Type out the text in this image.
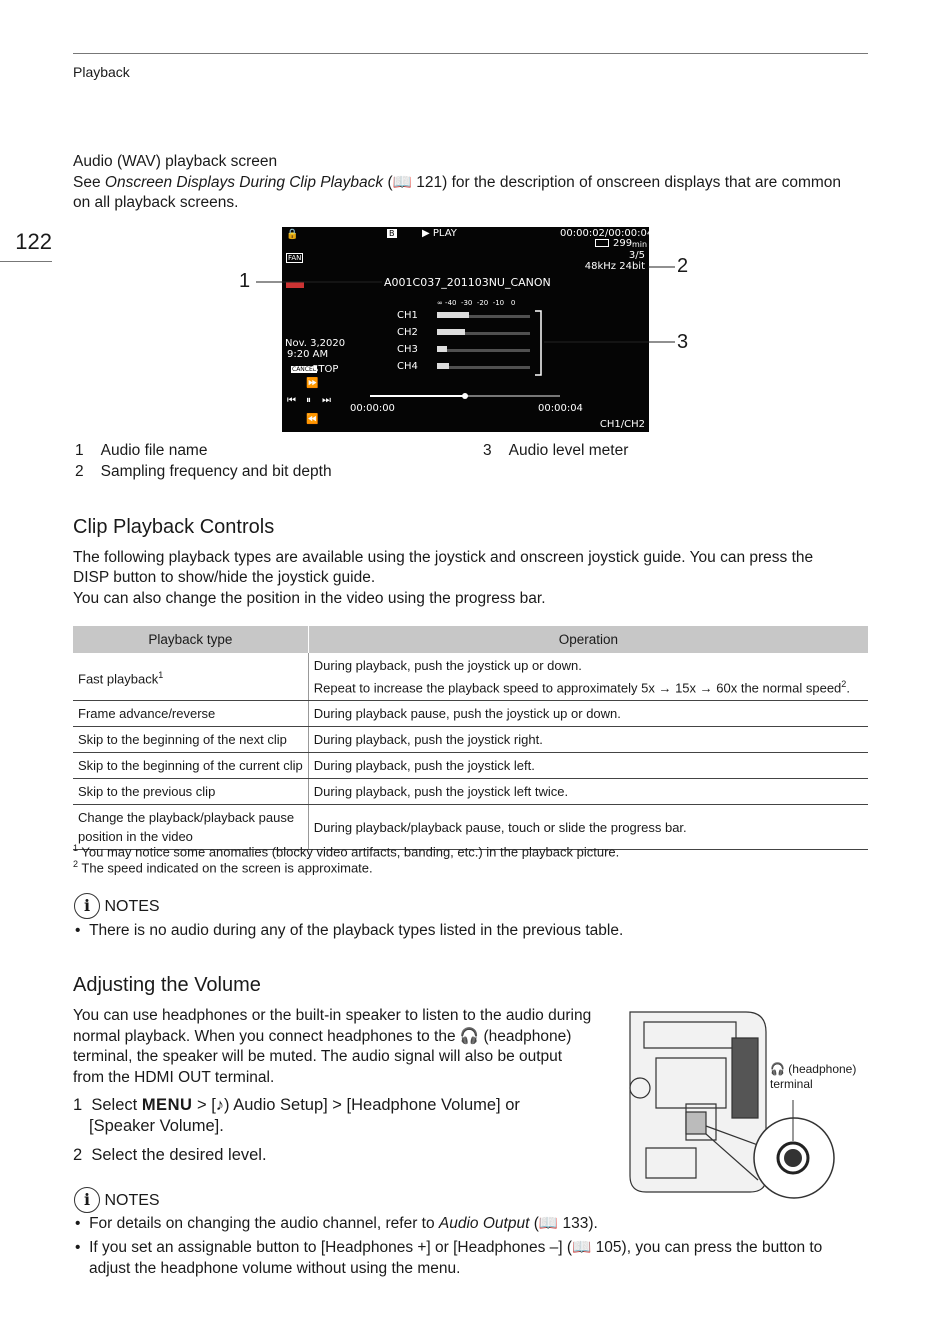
Playback
122
Audio (WAV) playback screen
See Onscreen Displays During Clip Playback (📖 121) for the description of onscreen displays that are common
on all playback screens.
🔒	B	▶ PLAY	00:00:02/00:00:04
299 min
3/5
48kHz 24bit
FAN
A001C037_201103NU_CANON
∞ -40  -30  -20  -10   0
CH1
CH2
CH3
CH4
Nov. 3,2020
9:20 AM
CANCEL
STOP
⏩
⏮ ⏸ ⏭
⏪
00:00:00	00:00:04
CH1/CH2
1
2
3
1 Audio file name
2 Sampling frequency and bit depth
3 Audio level meter
Clip Playback Controls
The following playback types are available using the joystick and onscreen joystick guide. You can press the
DISP button to show/hide the joystick guide.
You can also change the position in the video using the progress bar.
Playback type	Operation
Fast playback$^1$	During playback, push the joystick up or down.
Repeat to increase the playback speed to approximately 5x → 15x → 60x the normal speed$^2$.

Frame advance/reverse	During playback pause, push the joystick up or down.
Skip to the beginning of the next clip	During playback, push the joystick right.
Skip to the beginning of the current clip	During playback, push the joystick left.
Skip to the previous clip	During playback, push the joystick left twice.

Change the playback/playback pause
position in the video	During playback/playback pause, touch or slide the progress bar.
$^1$ You may notice some anomalies (blocky video artifacts, banding, etc.) in the playback picture.
$^2$ The speed indicated on the screen is approximate.
i NOTES
• There is no audio during any of the playback types listed in the previous table.
Adjusting the Volume
You can use headphones or the built-in speaker to listen to the audio during
normal playback. When you connect headphones to the 🎧 (headphone)
terminal, the speaker will be muted. The audio signal will also be output
from the HDMI OUT terminal.
1 Select MENU > [♪) Audio Setup] > [Headphone Volume] or
[Speaker Volume].
2 Select the desired level.
🎧 (headphone)
terminal
i NOTES
• For details on changing the audio channel, refer to Audio Output (📖 133).
• If you set an assignable button to [Headphones +] or [Headphones –] (📖 105), you can press the button to
adjust the headphone volume without using the menu.
